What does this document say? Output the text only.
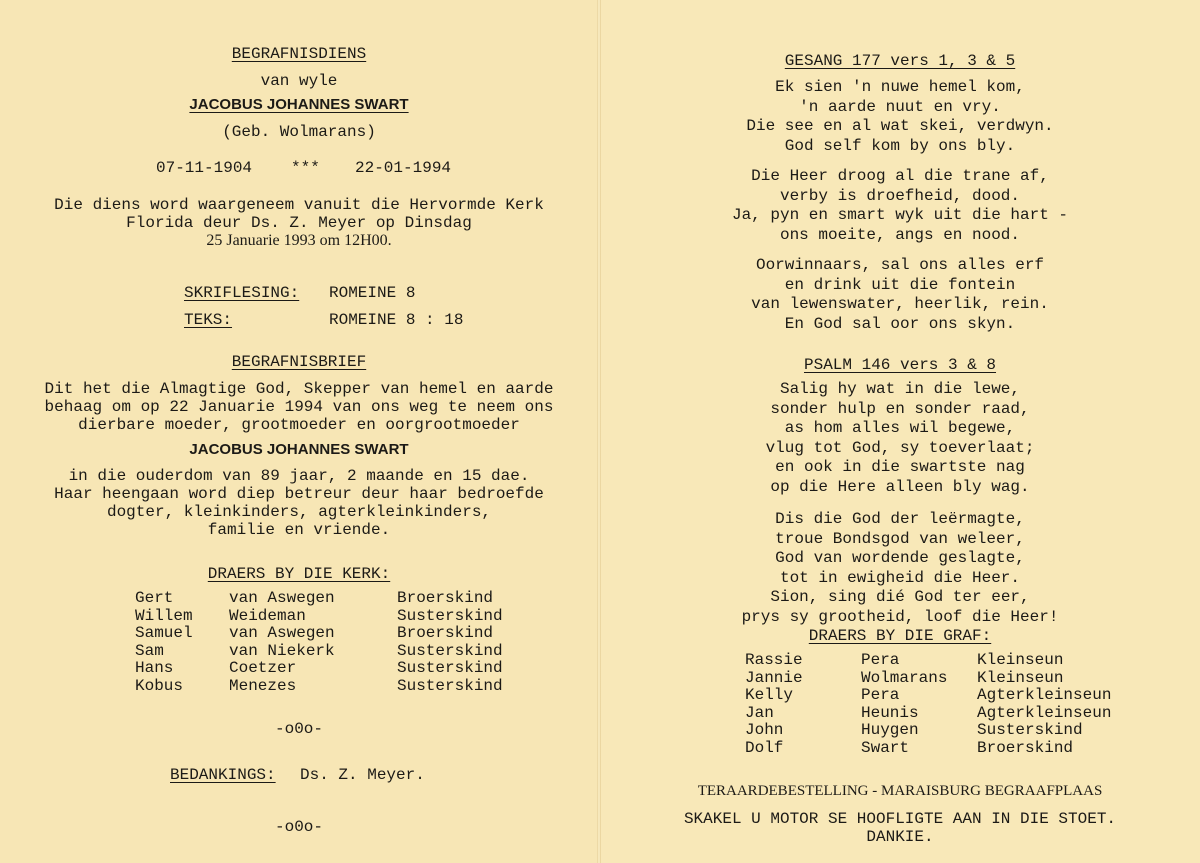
BEGRAFNISDIENS
van wyle
JACOBUS JOHANNES SWART
(Geb. Wolmarans)
07-11-1904 *** 22-01-1994
Die diens word waargeneem vanuit die Hervormde Kerk
Florida deur Ds. Z. Meyer op Dinsdag
25 Januarie 1993 om 12H00.
SKRIFLESING: ROMEINE 8
TEKS:	ROMEINE 8 : 18
BEGRAFNISBRIEF
Dit het die Almagtige God, Skepper van hemel en aarde
behaag om op 22 Januarie 1994 van ons weg te neem ons
dierbare moeder, grootmoeder en oorgrootmoeder
JACOBUS JOHANNES SWART
in die ouderdom van 89 jaar, 2 maande en 15 dae.
Haar heengaan word diep betreur deur haar bedroefde
dogter, kleinkinders, agterkleinkinders,
familie en vriende.
DRAERS BY DIE KERK:
Gert	van Aswegen	Broerskind
Willem	Weideman	Susterskind
Samuel	van Aswegen	Broerskind
Sam	van Niekerk	Susterskind
Hans	Coetzer	Susterskind
Kobus	Menezes	Susterskind
-o0o-
BEDANKINGS: Ds. Z. Meyer.
-o0o-
GESANG 177 vers 1, 3 & 5
Ek sien 'n nuwe hemel kom,
'n aarde nuut en vry.
Die see en al wat skei, verdwyn.
God self kom by ons bly.
Die Heer droog al die trane af,
verby is droefheid, dood.
Ja, pyn en smart wyk uit die hart -
ons moeite, angs en nood.
Oorwinnaars, sal ons alles erf
en drink uit die fontein
van lewenswater, heerlik, rein.
En God sal oor ons skyn.
PSALM 146 vers 3 & 8
Salig hy wat in die lewe,
sonder hulp en sonder raad,
as hom alles wil begewe,
vlug tot God, sy toeverlaat;
en ook in die swartste nag
op die Here alleen bly wag.
Dis die God der leërmagte,
troue Bondsgod van weleer,
God van wordende geslagte,
tot in ewigheid die Heer.
Sion, sing dié God ter eer,
prys sy grootheid, loof die Heer!
DRAERS BY DIE GRAF:
Rassie	Pera	Kleinseun
Jannie	Wolmarans	Kleinseun
Kelly	Pera	Agterkleinseun
Jan	Heunis	Agterkleinseun
John	Huygen	Susterskind
Dolf	Swart	Broerskind
TERAARDEBESTELLING - MARAISBURG BEGRAAFPLAAS
SKAKEL U MOTOR SE HOOFLIGTE AAN IN DIE STOET.
DANKIE.
